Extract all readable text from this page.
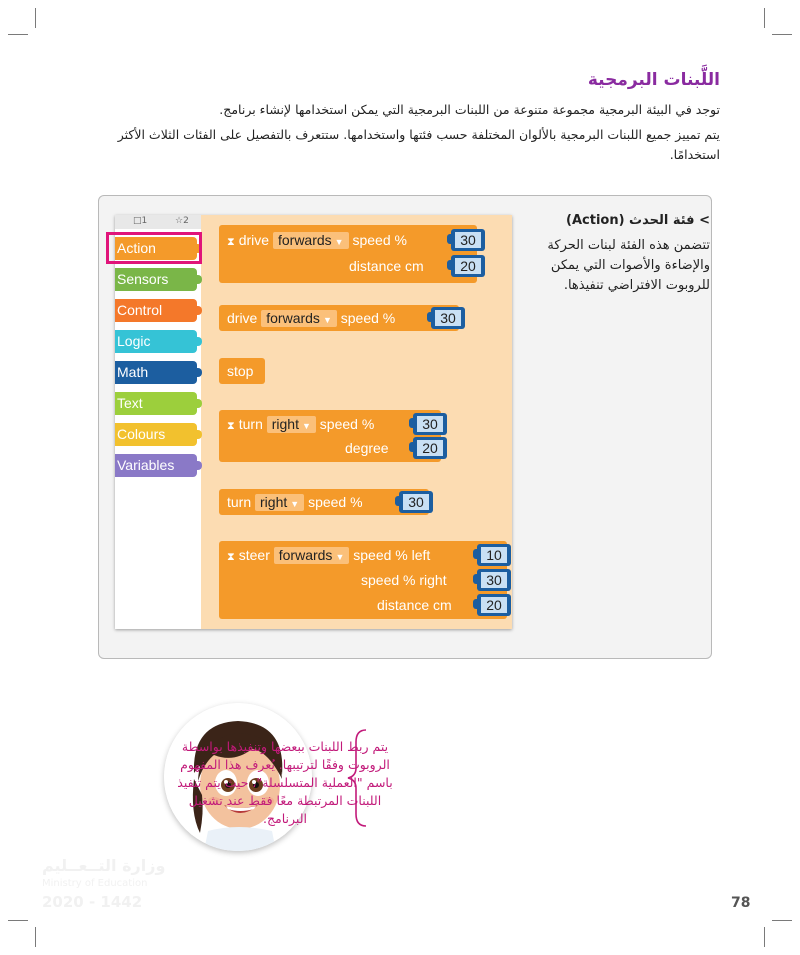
اللَّبنات البرمجية
توجد في البيئة البرمجية مجموعة متنوعة من اللبنات البرمجية التي يمكن استخدامها لإنشاء برنامج.
يتم تمييز جميع اللبنات البرمجية بالألوان المختلفة حسب فئتها واستخدامها. ستتعرف بالتفصيل على الفئات الثلاث الأكثر استخدامًا.
□1	☆2
Action
Sensors
Control
Logic
Math
Text
Colours
Variables
⧗ drive forwards ▼ speed %	30
distance cm	20
drive forwards ▼ speed %	30
stop
⧗ turn right ▼ speed %	30
degree	20
turn right ▼ speed %	30
⧗ steer forwards ▼ speed % left	10
speed % right	30
distance cm	20
> فئة الحدث (Action)
تتضمن هذه الفئة لبنات الحركة والإضاءة والأصوات التي يمكن للروبوت الافتراضي تنفيذها.
يتم ربط اللبنات ببعضها وتنفيذها بواسطة الروبوت وفقًا لترتيبها. يُعرف هذا المفهوم باسم "العملية المتسلسلة"، حيث يتم تنفيذ اللبنات المرتبطة معًا فقط عند تشغيل البرنامج.
وزارة التــعــليم
Ministry of Education
2020 - 1442	78
